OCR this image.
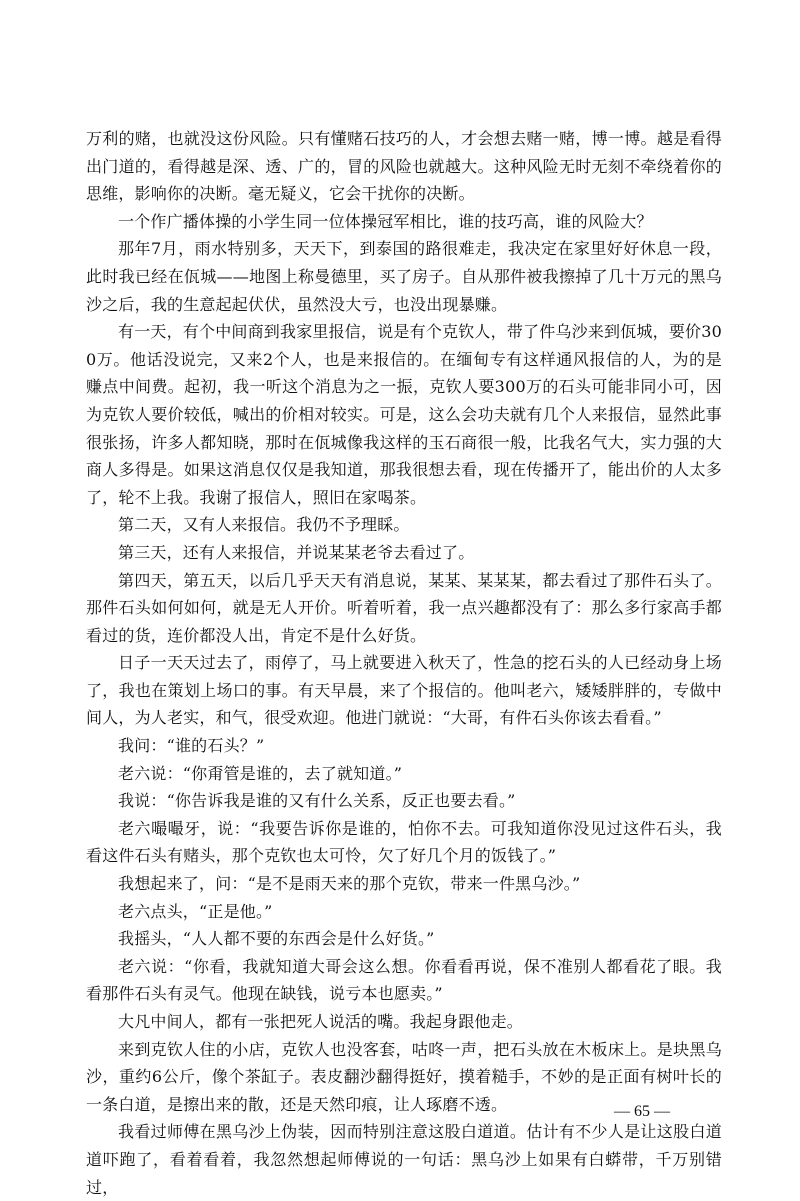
万利的赌，也就没这份风险。只有懂赌石技巧的人，才会想去赌一赌，博一博。越是看得出门道的，看得越是深、透、广的，冒的风险也就越大。这种风险无时无刻不牵绕着你的思维，影响你的决断。毫无疑义，它会干扰你的决断。

一个作广播体操的小学生同一位体操冠军相比，谁的技巧高，谁的风险大？

那年7月，雨水特别多，天天下，到泰国的路很难走，我决定在家里好好休息一段，此时我已经在佤城——地图上称曼德里，买了房子。自从那件被我擦掉了几十万元的黑乌沙之后，我的生意起起伏伏，虽然没大亏，也没出现暴赚。

有一天，有个中间商到我家里报信，说是有个克钦人，带了件乌沙来到佤城，要价300万。他话没说完，又来2个人，也是来报信的。在缅甸专有这样通风报信的人，为的是赚点中间费。起初，我一听这个消息为之一振，克钦人要300万的石头可能非同小可，因为克钦人要价较低，喊出的价相对较实。可是，这么会功夫就有几个人来报信，显然此事很张扬，许多人都知晓，那时在佤城像我这样的玉石商很一般，比我名气大，实力强的大商人多得是。如果这消息仅仅是我知道，那我很想去看，现在传播开了，能出价的人太多了，轮不上我。我谢了报信人，照旧在家喝茶。

第二天，又有人来报信。我仍不予理睬。

第三天，还有人来报信，并说某某老爷去看过了。

第四天，第五天，以后几乎天天有消息说，某某、某某某，都去看过了那件石头了。那件石头如何如何，就是无人开价。听着听着，我一点兴趣都没有了：那么多行家高手都看过的货，连价都没人出，肯定不是什么好货。

日子一天天过去了，雨停了，马上就要进入秋天了，性急的挖石头的人已经动身上场了，我也在策划上场口的事。有天早晨，来了个报信的。他叫老六，矮矮胖胖的，专做中间人，为人老实，和气，很受欢迎。他进门就说：“大哥，有件石头你该去看看。”

我问：“谁的石头？”

老六说：“你甭管是谁的，去了就知道。”

我说：“你告诉我是谁的又有什么关系，反正也要去看。”

老六嘬嘬牙，说：“我要告诉你是谁的，怕你不去。可我知道你没见过这件石头，我看这件石头有赌头，那个克钦也太可怜，欠了好几个月的饭钱了。”

我想起来了，问：“是不是雨天来的那个克钦，带来一件黑乌沙。”

老六点头，“正是他。”

我摇头，“人人都不要的东西会是什么好货。”

老六说：“你看，我就知道大哥会这么想。你看看再说，保不准别人都看花了眼。我看那件石头有灵气。他现在缺钱，说亏本也愿卖。”

大凡中间人，都有一张把死人说活的嘴。我起身跟他走。

来到克钦人住的小店，克钦人也没客套，咕咚一声，把石头放在木板床上。是块黑乌沙，重约6公斤，像个茶缸子。表皮翻沙翻得挺好，摸着糙手，不妙的是正面有树叶长的一条白道，是擦出来的散，还是天然印痕，让人琢磨不透。

我看过师傅在黑乌沙上伪装，因而特别注意这股白道道。估计有不少人是让这股白道道吓跑了，看着看着，我忽然想起师傅说的一句话：黑乌沙上如果有白蟒带，千万别错过，

— 65 —
